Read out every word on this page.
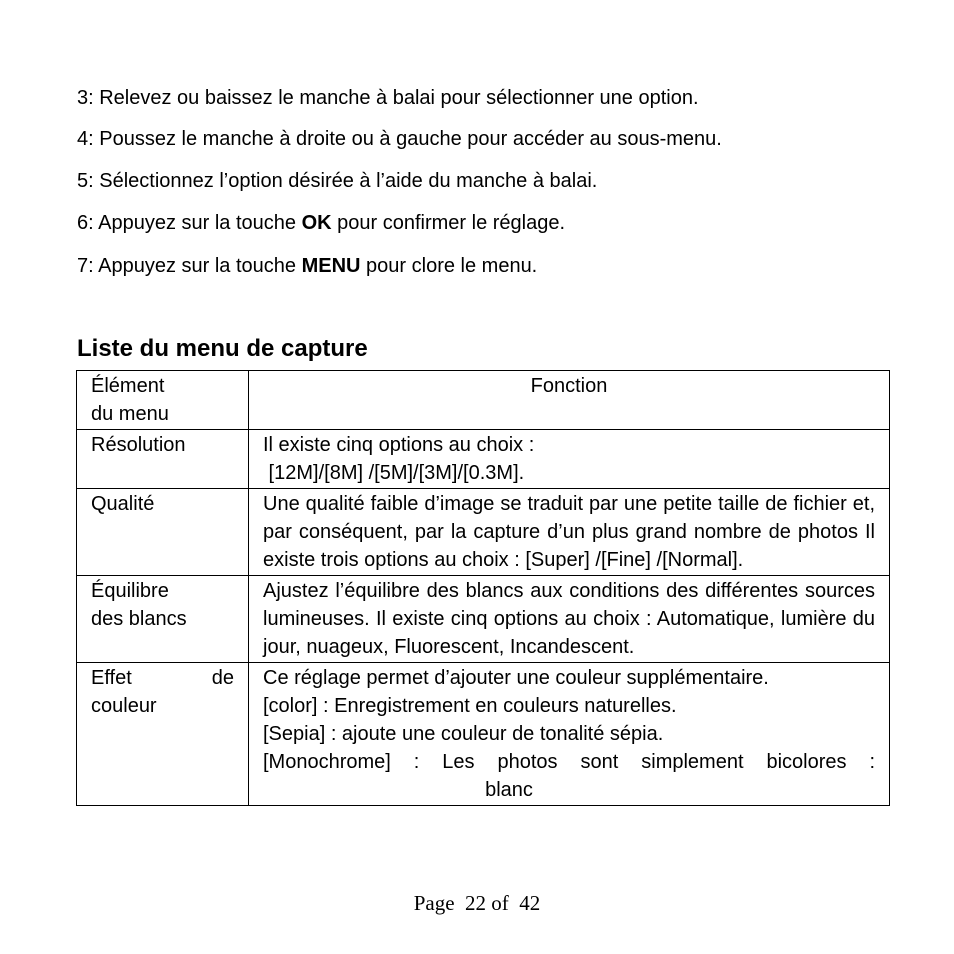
3: Relevez ou baissez le manche à balai pour sélectionner une option.
4: Poussez le manche à droite ou à gauche pour accéder au sous-menu.
5: Sélectionnez l’option désirée à l’aide du manche à balai.
6: Appuyez sur la touche OK pour confirmer le réglage.
7: Appuyez sur la touche MENU pour clore le menu.
Liste du menu de capture
Élément
du menu	Fonction

Résolution	Il existe cinq options au choix :
[12M]/[8M] /[5M]/[3M]/[0.3M].

Qualité	Une qualité faible d’image se traduit par une petite taille de fichier et, par conséquent, par la capture d’un plus grand nombre de photos Il existe trois options au choix : [Super] /[Fine] /[Normal].

Équilibre
des blancs	Ajustez l’équilibre des blancs aux conditions des différentes sources lumineuses. Il existe cinq options au choix : Automatique, lumière du jour, nuageux, Fluorescent, Incandescent.

Effet de
couleur	Ce réglage permet d’ajouter une couleur supplémentaire.
[color] : Enregistrement en couleurs naturelles.
[Sepia] : ajoute une couleur de tonalité sépia.
[Monochrome] : Les photos sont simplement bicolores :
blanc
Page  22 of  42
